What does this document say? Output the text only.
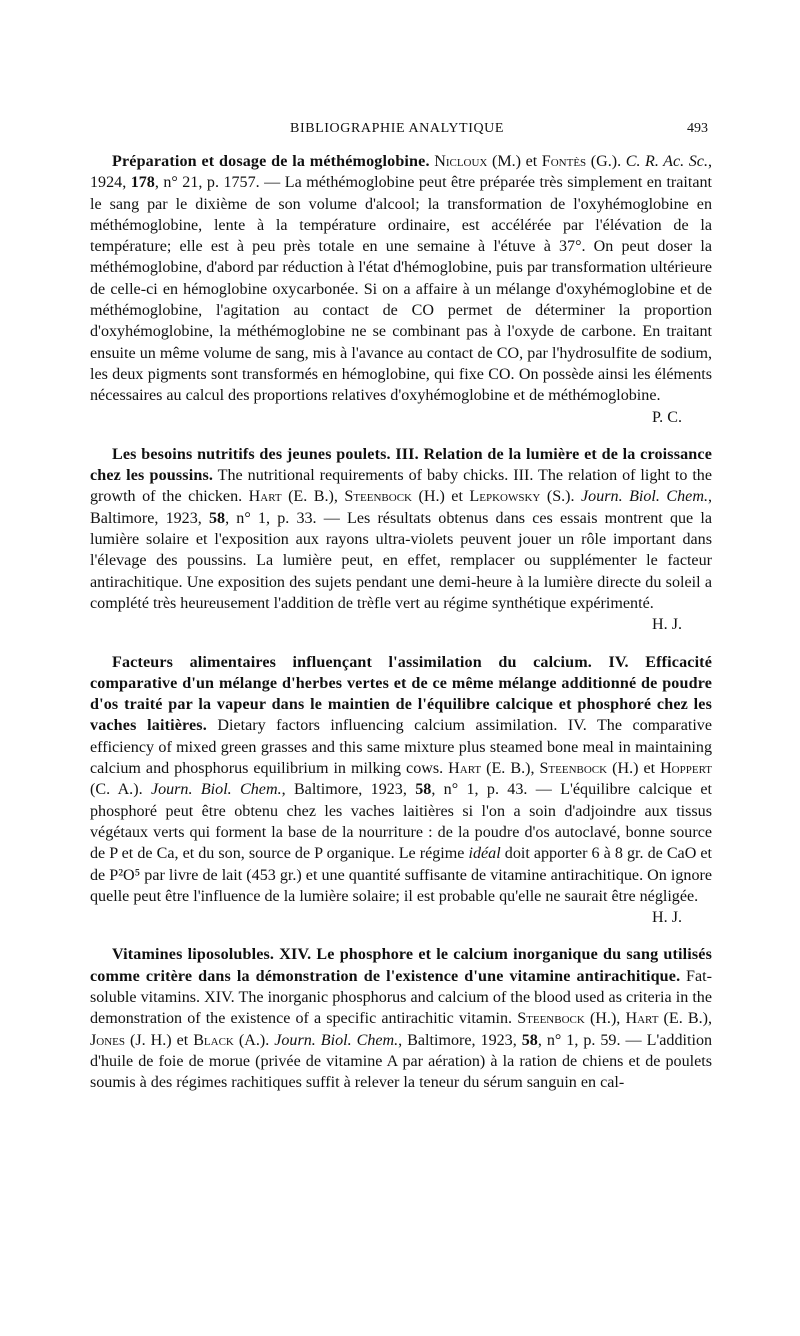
BIBLIOGRAPHIE ANALYTIQUE	493

Préparation et dosage de la méthémoglobine. Nicloux (M.) et Fontès (G.). C. R. Ac. Sc., 1924, 178, n° 21, p. 1757. — La méthémoglobine peut être préparée très simplement en traitant le sang par le dixième de son volume d'alcool; la transformation de l'oxyhémoglobine en méthémoglobine, lente à la température ordinaire, est accélérée par l'élévation de la température; elle est à peu près totale en une semaine à l'étuve à 37°. On peut doser la méthémoglobine, d'abord par réduction à l'état d'hémoglobine, puis par transformation ultérieure de celle-ci en hémoglobine oxycarbonée. Si on a affaire à un mélange d'oxyhémoglobine et de méthémoglobine, l'agitation au contact de CO permet de déterminer la proportion d'oxyhémoglobine, la méthémoglobine ne se combinant pas à l'oxyde de carbone. En traitant ensuite un même volume de sang, mis à l'avance au contact de CO, par l'hydrosulfite de sodium, les deux pigments sont transformés en hémoglobine, qui fixe CO. On possède ainsi les éléments nécessaires au calcul des proportions relatives d'oxyhémoglobine et de méthémoglobine.
P. C.

Les besoins nutritifs des jeunes poulets. III. Relation de la lumière et de la croissance chez les poussins. The nutritional requirements of baby chicks. III. The relation of light to the growth of the chicken. Hart (E. B.), Steenbock (H.) et Lepkowsky (S.). Journ. Biol. Chem., Baltimore, 1923, 58, n° 1, p. 33. — Les résultats obtenus dans ces essais montrent que la lumière solaire et l'exposition aux rayons ultra-violets peuvent jouer un rôle important dans l'élevage des poussins. La lumière peut, en effet, remplacer ou supplémenter le facteur antirachitique. Une exposition des sujets pendant une demi-heure à la lumière directe du soleil a complété très heureusement l'addition de trèfle vert au régime synthétique expérimenté.

H. J.

Facteurs alimentaires influençant l'assimilation du calcium. IV. Efficacité comparative d'un mélange d'herbes vertes et de ce même mélange additionné de poudre d'os traité par la vapeur dans le maintien de l'équilibre calcique et phosphoré chez les vaches laitières. Dietary factors influencing calcium assimilation. IV. The comparative efficiency of mixed green grasses and this same mixture plus steamed bone meal in maintaining calcium and phosphorus equilibrium in milking cows. Hart (E. B.), Steenbock (H.) et Hoppert (C. A.). Journ. Biol. Chem., Baltimore, 1923, 58, n° 1, p. 43. — L'équilibre calcique et phosphoré peut être obtenu chez les vaches laitières si l'on a soin d'adjoindre aux tissus végétaux verts qui forment la base de la nourriture : de la poudre d'os autoclavé, bonne source de P et de Ca, et du son, source de P organique. Le régime idéal doit apporter 6 à 8 gr. de CaO et de P²O⁵ par livre de lait (453 gr.) et une quantité suffisante de vitamine antirachitique. On ignore quelle peut être l'influence de la lumière solaire; il est probable qu'elle ne saurait être négligée.
H. J.

Vitamines liposolubles. XIV. Le phosphore et le calcium inorganique du sang utilisés comme critère dans la démonstration de l'existence d'une vitamine antirachitique. Fat-soluble vitamins. XIV. The inorganic phosphorus and calcium of the blood used as criteria in the demonstration of the existence of a specific antirachitic vitamin. Steenbock (H.), Hart (E. B.), Jones (J. H.) et Black (A.). Journ. Biol. Chem., Baltimore, 1923, 58, n° 1, p. 59. — L'addition d'huile de foie de morue (privée de vitamine A par aération) à la ration de chiens et de poulets soumis à des régimes rachitiques suffit à relever la teneur du sérum sanguin en cal-
